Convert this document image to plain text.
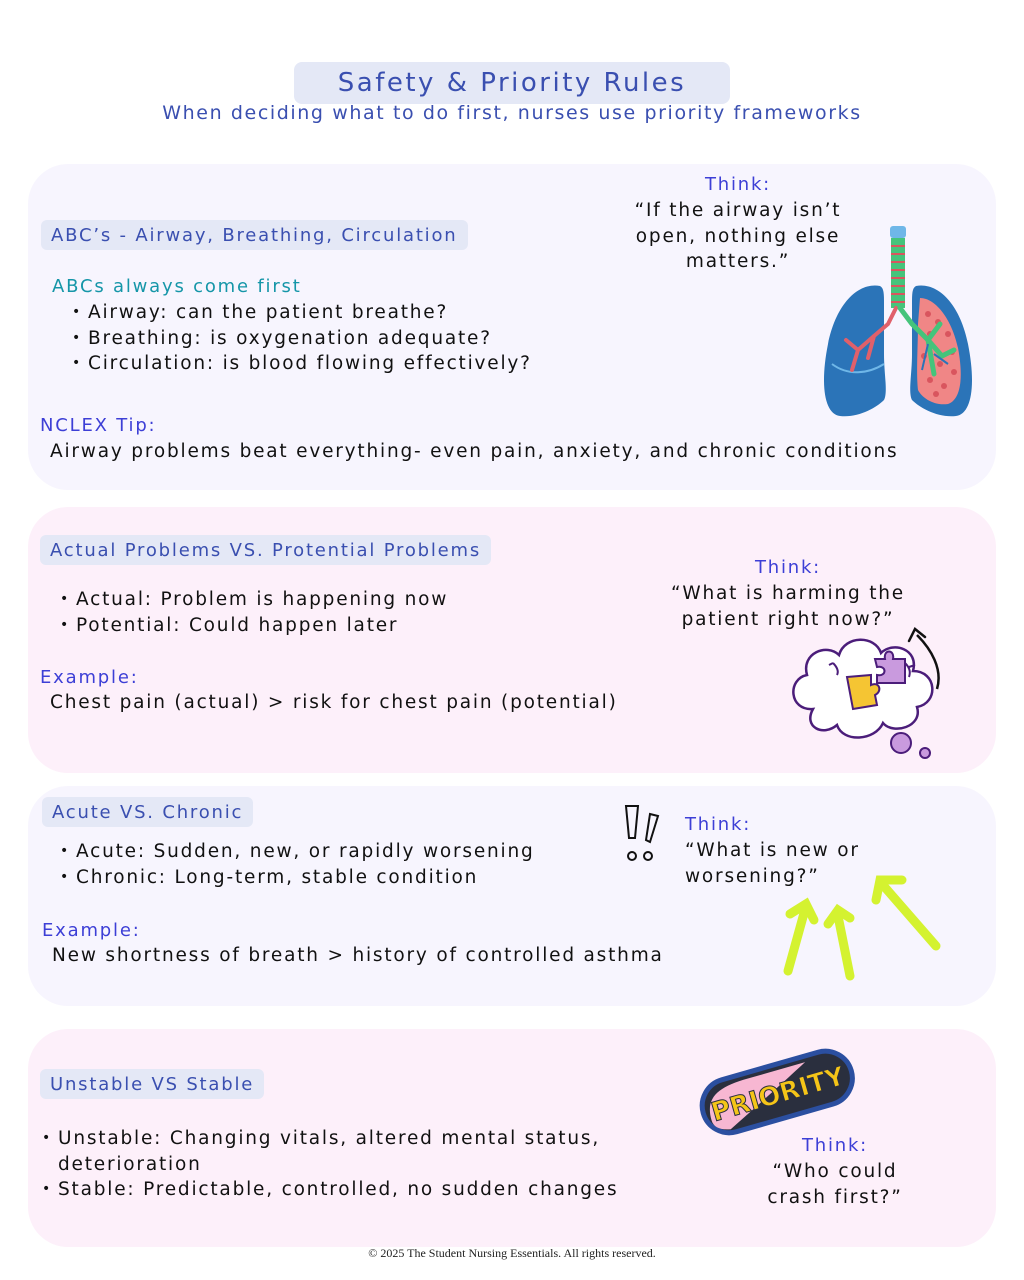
Safety & Priority Rules
When deciding what to do first, nurses use priority frameworks
ABC’s - Airway, Breathing, Circulation
ABCs always come first
• Airway: can the patient breathe?
• Breathing: is oxygenation adequate?
• Circulation: is blood flowing effectively?
NCLEX Tip:
Airway problems beat everything- even pain, anxiety, and chronic conditions
Think:
“If the airway isn’t
open, nothing else
matters.”
Actual Problems VS. Protential Problems
• Actual: Problem is happening now
• Potential: Could happen later
Example:
Chest pain (actual) > risk for chest pain (potential)
Think:
“What is harming the
patient right now?”
Acute VS. Chronic
• Acute: Sudden, new, or rapidly worsening
• Chronic: Long-term, stable condition
Example:
New shortness of breath > history of controlled asthma
Think:
“What is new or
worsening?”
Unstable VS Stable
• Unstable: Changing vitals, altered mental status,
deterioration
• Stable: Predictable, controlled, no sudden changes
PRIORITY
Think:
“Who could
crash first?”
© 2025 The Student Nursing Essentials. All rights reserved.
